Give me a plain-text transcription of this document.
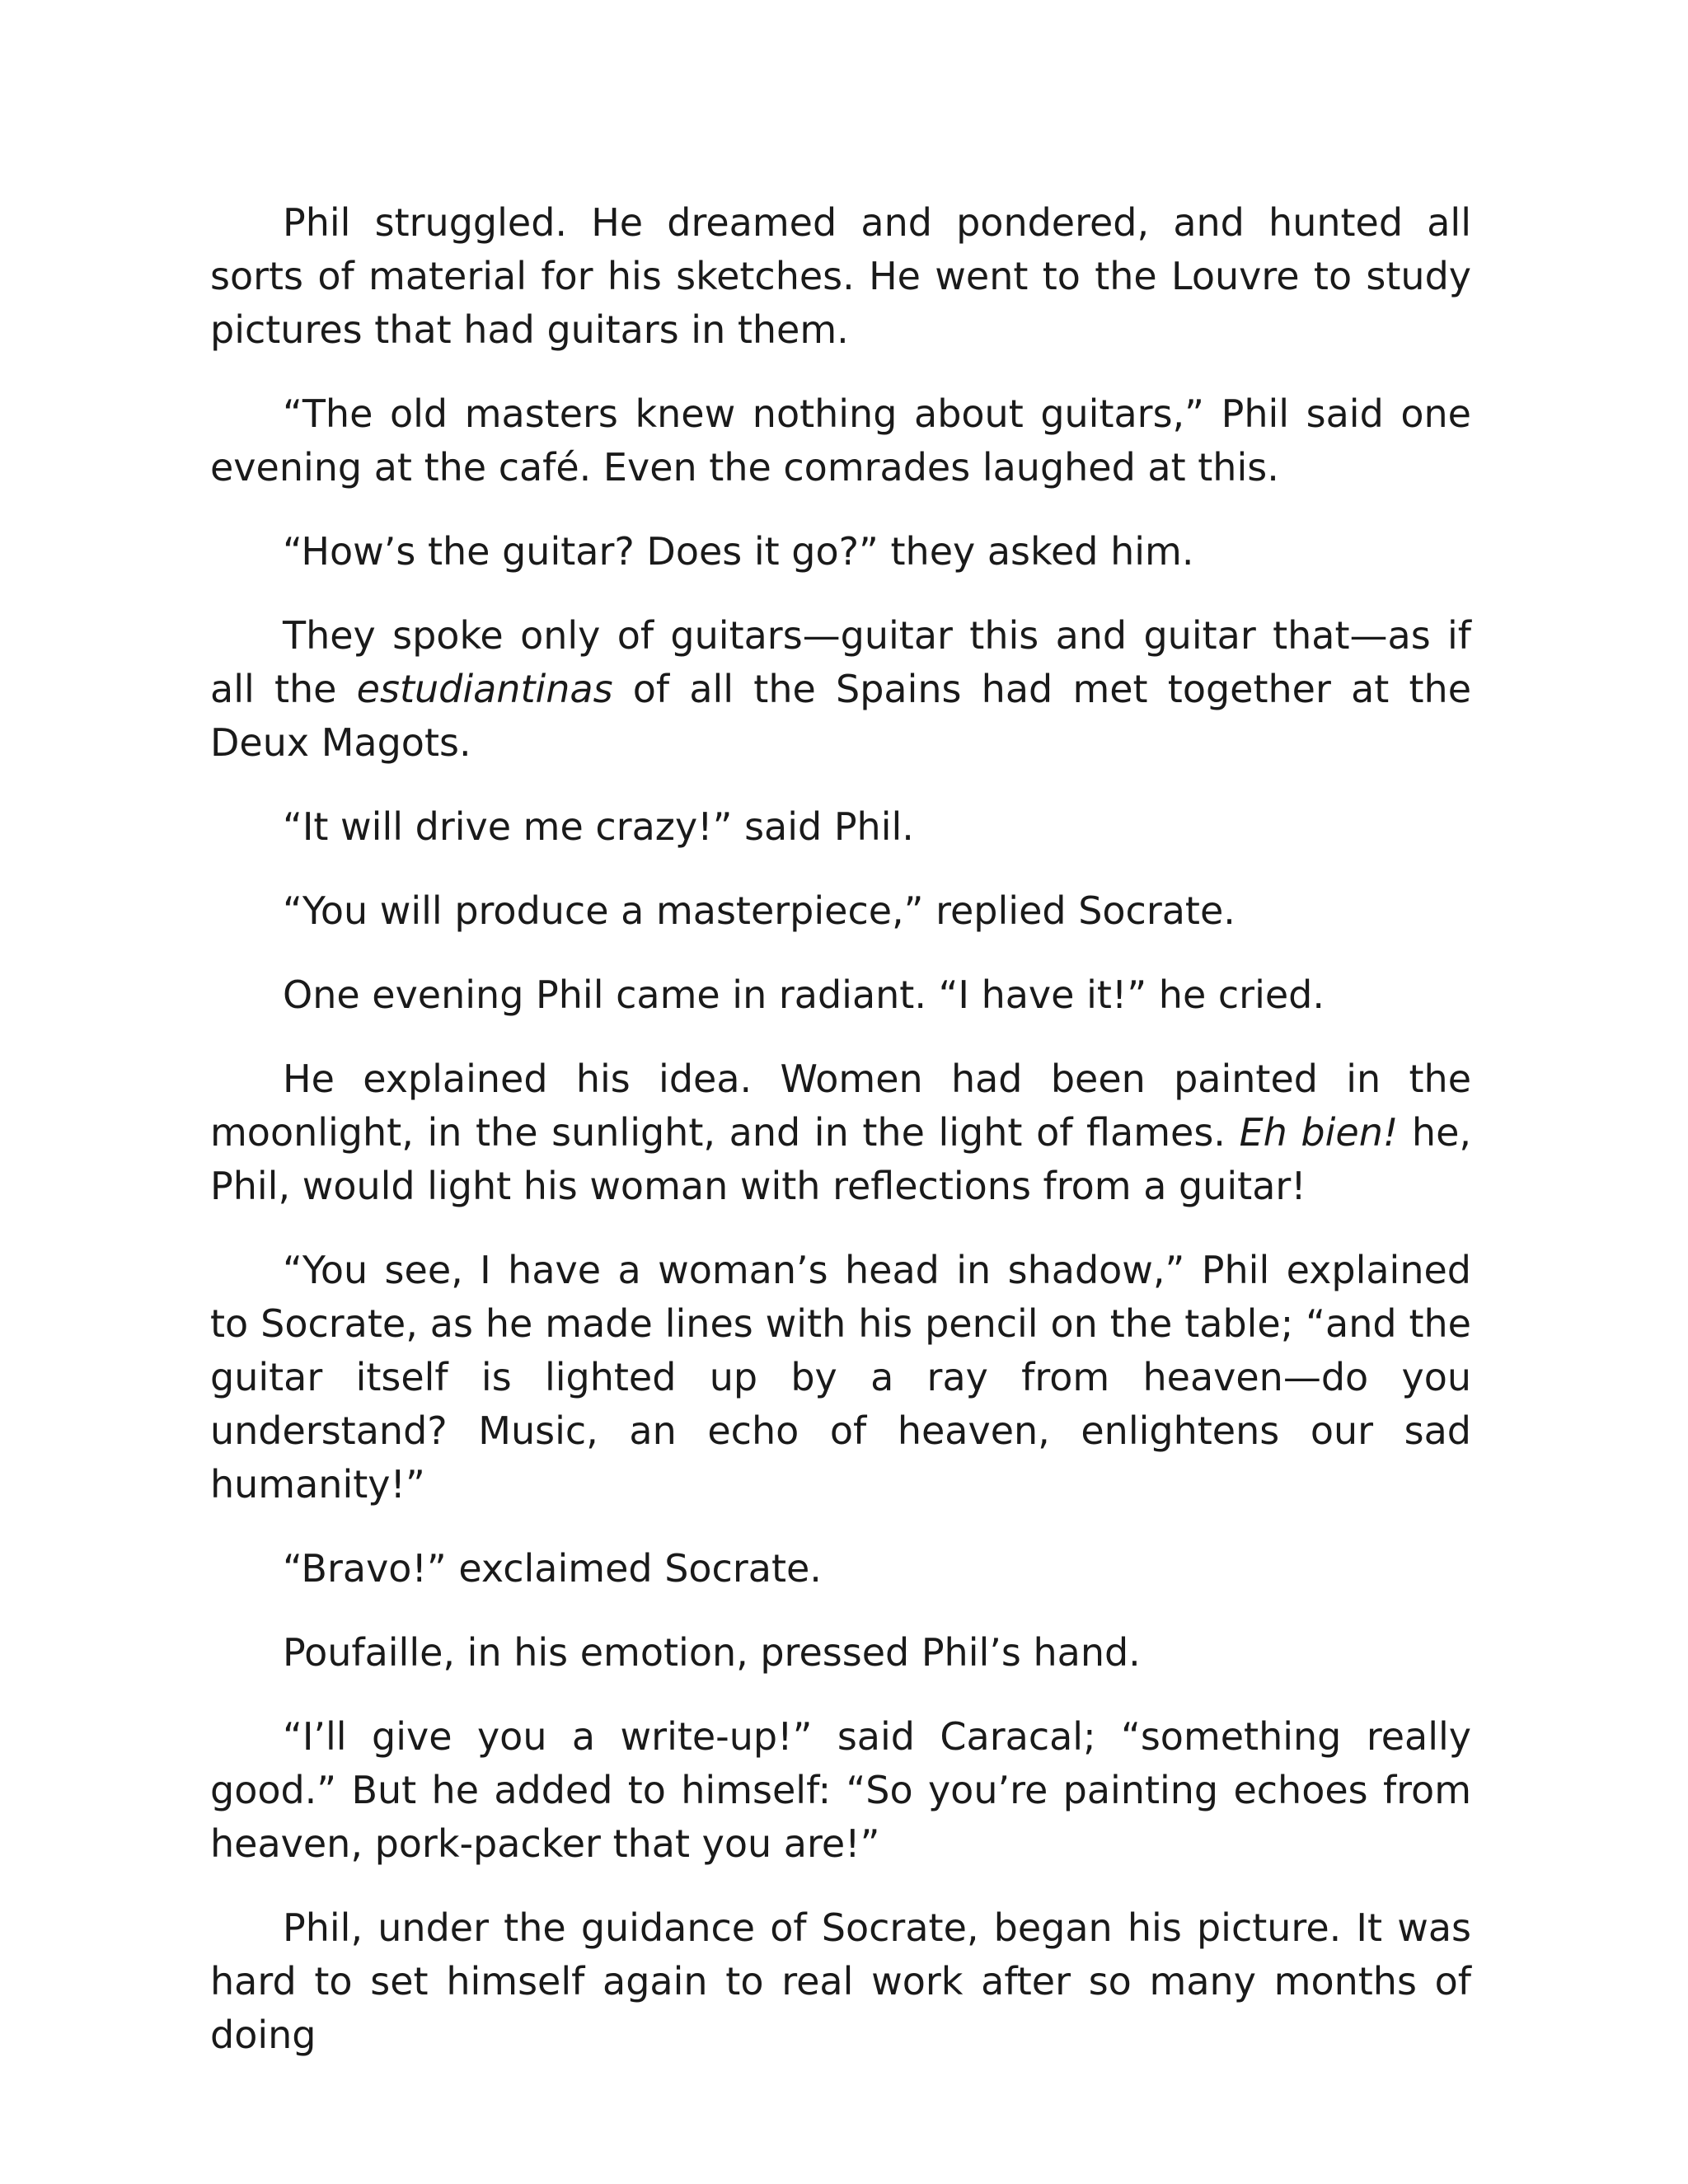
Phil struggled. He dreamed and pondered, and hunted all sorts of material for his sketches. He went to the Louvre to study pictures that had guitars in them.

“The old masters knew nothing about guitars,” Phil said one evening at the café. Even the comrades laughed at this.

“How’s the guitar? Does it go?” they asked him.

They spoke only of guitars—guitar this and guitar that—as if all the estudiantinas of all the Spains had met together at the Deux Magots.

“It will drive me crazy!” said Phil.

“You will produce a masterpiece,” replied Socrate.

One evening Phil came in radiant. “I have it!” he cried.

He explained his idea. Women had been painted in the moonlight, in the sunlight, and in the light of flames. Eh bien! he, Phil, would light his woman with reflections from a guitar!

“You see, I have a woman’s head in shadow,” Phil explained to Socrate, as he made lines with his pencil on the table; “and the guitar itself is lighted up by a ray from heaven—do you understand? Music, an echo of heaven, enlightens our sad humanity!”

“Bravo!” exclaimed Socrate.

Poufaille, in his emotion, pressed Phil’s hand.

“I’ll give you a write-up!” said Caracal; “something really good.” But he added to himself: “So you’re painting echoes from heaven, pork-packer that you are!”

Phil, under the guidance of Socrate, began his picture. It was hard to set himself again to real work after so many months of doing
